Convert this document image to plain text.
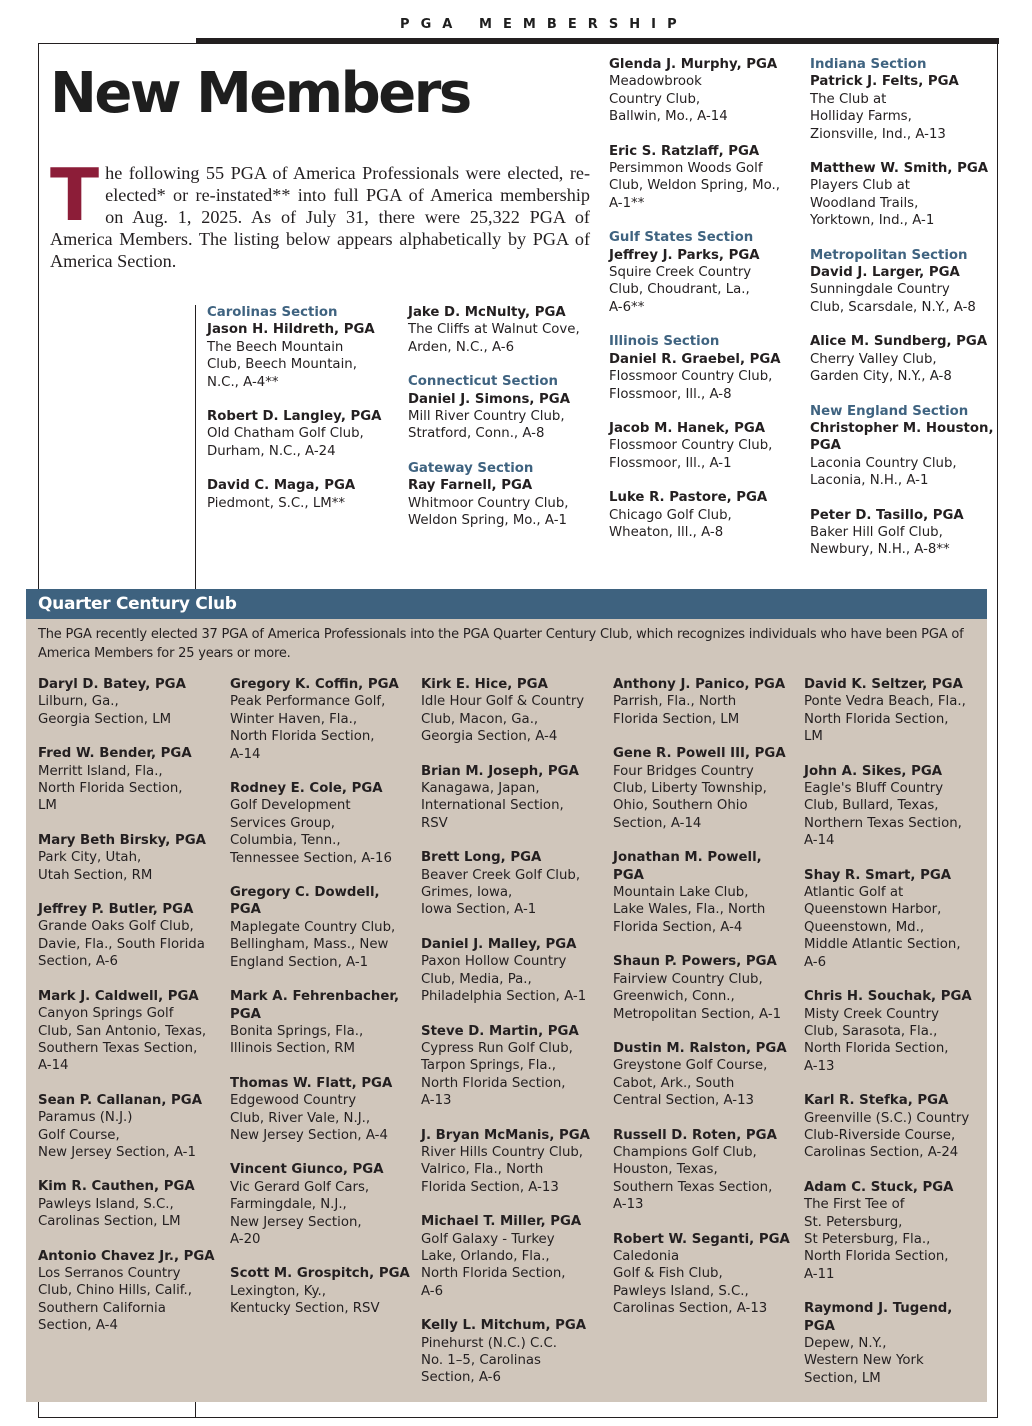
PGA MEMBERSHIP
New Members
The following 55 PGA of America Professionals were elected, re-elected* or re-instated** into full PGA of America membership on Aug. 1, 2025. As of July 31, there were 25,322 PGA of America Members. The listing below appears alphabetically by PGA of America Section.
Carolinas Section
Jason H. Hildreth, PGA
The Beech Mountain
Club, Beech Mountain,
N.C., A-4**
Robert D. Langley, PGA
Old Chatham Golf Club,
Durham, N.C., A-24
David C. Maga, PGA
Piedmont, S.C., LM**
Jake D. McNulty, PGA
The Cliffs at Walnut Cove,
Arden, N.C., A-6
Connecticut Section
Daniel J. Simons, PGA
Mill River Country Club,
Stratford, Conn., A-8
Gateway Section
Ray Farnell, PGA
Whitmoor Country Club,
Weldon Spring, Mo., A-1
Glenda J. Murphy, PGA
Meadowbrook
Country Club,
Ballwin, Mo., A-14
Eric S. Ratzlaff, PGA
Persimmon Woods Golf
Club, Weldon Spring, Mo.,
A-1**
Gulf States Section
Jeffrey J. Parks, PGA
Squire Creek Country
Club, Choudrant, La.,
A-6**
Illinois Section
Daniel R. Graebel, PGA
Flossmoor Country Club,
Flossmoor, Ill., A-8
Jacob M. Hanek, PGA
Flossmoor Country Club,
Flossmoor, Ill., A-1
Luke R. Pastore, PGA
Chicago Golf Club,
Wheaton, Ill., A-8
Indiana Section
Patrick J. Felts, PGA
The Club at
Holliday Farms,
Zionsville, Ind., A-13
Matthew W. Smith, PGA
Players Club at
Woodland Trails,
Yorktown, Ind., A-1
Metropolitan Section
David J. Larger, PGA
Sunningdale Country
Club, Scarsdale, N.Y., A-8
Alice M. Sundberg, PGA
Cherry Valley Club,
Garden City, N.Y., A-8
New England Section
Christopher M. Houston,
PGA
Laconia Country Club,
Laconia, N.H., A-1
Peter D. Tasillo, PGA
Baker Hill Golf Club,
Newbury, N.H., A-8**
Quarter Century Club
The PGA recently elected 37 PGA of America Professionals into the PGA Quarter Century Club, which recognizes individuals who have been PGA of America Members for 25 years or more.
Daryl D. Batey, PGA
Lilburn, Ga.,
Georgia Section, LM
Fred W. Bender, PGA
Merritt Island, Fla.,
North Florida Section,
LM
Mary Beth Birsky, PGA
Park City, Utah,
Utah Section, RM
Jeffrey P. Butler, PGA
Grande Oaks Golf Club,
Davie, Fla., South Florida
Section, A-6
Mark J. Caldwell, PGA
Canyon Springs Golf
Club, San Antonio, Texas,
Southern Texas Section,
A-14
Sean P. Callanan, PGA
Paramus (N.J.)
Golf Course,
New Jersey Section, A-1
Kim R. Cauthen, PGA
Pawleys Island, S.C.,
Carolinas Section, LM
Antonio Chavez Jr., PGA
Los Serranos Country
Club, Chino Hills, Calif.,
Southern California
Section, A-4
Gregory K. Coffin, PGA
Peak Performance Golf,
Winter Haven, Fla.,
North Florida Section,
A-14
Rodney E. Cole, PGA
Golf Development
Services Group,
Columbia, Tenn.,
Tennessee Section, A-16
Gregory C. Dowdell,
PGA
Maplegate Country Club,
Bellingham, Mass., New
England Section, A-1
Mark A. Fehrenbacher,
PGA
Bonita Springs, Fla.,
Illinois Section, RM
Thomas W. Flatt, PGA
Edgewood Country
Club, River Vale, N.J.,
New Jersey Section, A-4
Vincent Giunco, PGA
Vic Gerard Golf Cars,
Farmingdale, N.J.,
New Jersey Section,
A-20
Scott M. Grospitch, PGA
Lexington, Ky.,
Kentucky Section, RSV
Kirk E. Hice, PGA
Idle Hour Golf & Country
Club, Macon, Ga.,
Georgia Section, A-4
Brian M. Joseph, PGA
Kanagawa, Japan,
International Section,
RSV
Brett Long, PGA
Beaver Creek Golf Club,
Grimes, Iowa,
Iowa Section, A-1
Daniel J. Malley, PGA
Paxon Hollow Country
Club, Media, Pa.,
Philadelphia Section, A-1
Steve D. Martin, PGA
Cypress Run Golf Club,
Tarpon Springs, Fla.,
North Florida Section,
A-13
J. Bryan McManis, PGA
River Hills Country Club,
Valrico, Fla., North
Florida Section, A-13
Michael T. Miller, PGA
Golf Galaxy - Turkey
Lake, Orlando, Fla.,
North Florida Section,
A-6
Kelly L. Mitchum, PGA
Pinehurst (N.C.) C.C.
No. 1–5, Carolinas
Section, A-6
Anthony J. Panico, PGA
Parrish, Fla., North
Florida Section, LM
Gene R. Powell III, PGA
Four Bridges Country
Club, Liberty Township,
Ohio, Southern Ohio
Section, A-14
Jonathan M. Powell,
PGA
Mountain Lake Club,
Lake Wales, Fla., North
Florida Section, A-4
Shaun P. Powers, PGA
Fairview Country Club,
Greenwich, Conn.,
Metropolitan Section, A-1
Dustin M. Ralston, PGA
Greystone Golf Course,
Cabot, Ark., South
Central Section, A-13
Russell D. Roten, PGA
Champions Golf Club,
Houston, Texas,
Southern Texas Section,
A-13
Robert W. Seganti, PGA
Caledonia
Golf & Fish Club,
Pawleys Island, S.C.,
Carolinas Section, A-13
David K. Seltzer, PGA
Ponte Vedra Beach, Fla.,
North Florida Section,
LM
John A. Sikes, PGA
Eagle's Bluff Country
Club, Bullard, Texas,
Northern Texas Section,
A-14
Shay R. Smart, PGA
Atlantic Golf at
Queenstown Harbor,
Queenstown, Md.,
Middle Atlantic Section,
A-6
Chris H. Souchak, PGA
Misty Creek Country
Club, Sarasota, Fla.,
North Florida Section,
A-13
Karl R. Stefka, PGA
Greenville (S.C.) Country
Club-Riverside Course,
Carolinas Section, A-24
Adam C. Stuck, PGA
The First Tee of
St. Petersburg,
St Petersburg, Fla.,
North Florida Section,
A-11
Raymond J. Tugend,
PGA
Depew, N.Y.,
Western New York
Section, LM
